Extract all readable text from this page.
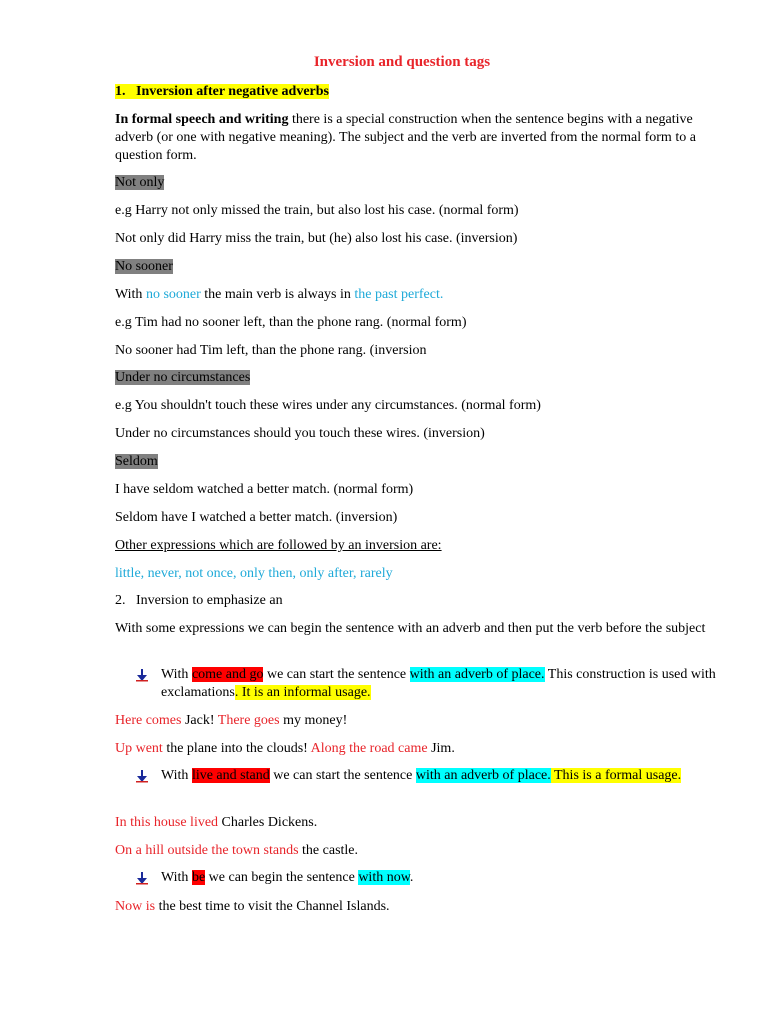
Inversion and question tags
1. Inversion after negative adverbs
In formal speech and writing there is a special construction when the sentence begins with a negative adverb (or one with negative meaning). The subject and the verb are inverted from the normal form to a question form.
Not only
e.g Harry not only missed the train, but also lost his case. (normal form)
Not only did Harry miss the train, but (he) also lost his case. (inversion)
No sooner
With no sooner the main verb is always in the past perfect.
e.g Tim had no sooner left, than the phone rang. (normal form)
No sooner had Tim left, than the phone rang. (inversion
Under no circumstances
e.g You shouldn't touch these wires under any circumstances. (normal form)
Under no circumstances should you touch these wires. (inversion)
Seldom
I have seldom watched a better match. (normal form)
Seldom have I watched a better match. (inversion)
Other expressions which are followed by an inversion are:
little, never, not once, only then, only after, rarely
2.   Inversion to emphasize an
With some expressions we can begin the sentence with an adverb and then put the verb before the subject
With come and go we can start the sentence with an adverb of place. This construction is used with exclamations. It is an informal usage.
Here comes Jack! There goes my money!
Up went the plane into the clouds! Along the road came Jim.
With live and stand we can start the sentence with an adverb of place. This is a formal usage.
In this house lived Charles Dickens.
On a hill outside the town stands the castle.
With be we can begin the sentence with now.
Now is the best time to visit the Channel Islands.
